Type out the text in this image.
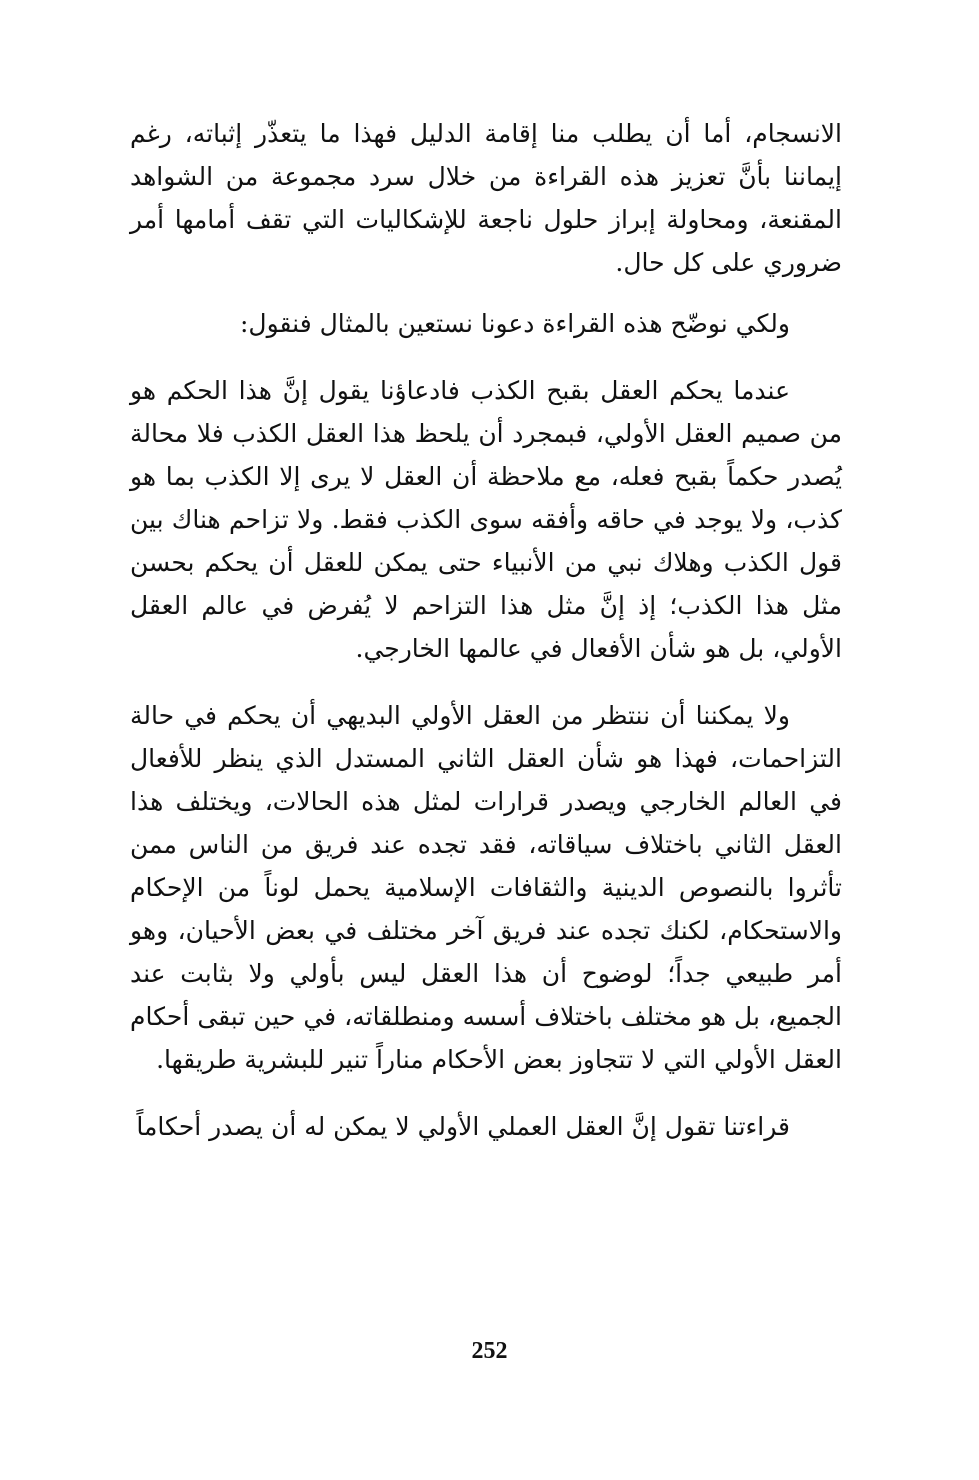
الانسجام، أما أن يطلب منا إقامة الدليل فهذا ما يتعذّر إثباته، رغم إيماننا بأنَّ تعزيز هذه القراءة من خلال سرد مجموعة من الشواهد المقنعة، ومحاولة إبراز حلول ناجعة للإشكاليات التي تقف أمامها أمر ضروري على كل حال.

ولكي نوضّح هذه القراءة دعونا نستعين بالمثال فنقول:

عندما يحكم العقل بقبح الكذب فادعاؤنا يقول إنَّ هذا الحكم هو من صميم العقل الأولي، فبمجرد أن يلحظ هذا العقل الكذب فلا محالة يُصدر حكماً بقبح فعله، مع ملاحظة أن العقل لا يرى إلا الكذب بما هو كذب، ولا يوجد في حاقه وأفقه سوى الكذب فقط. ولا تزاحم هناك بين قول الكذب وهلاك نبي من الأنبياء حتى يمكن للعقل أن يحكم بحسن مثل هذا الكذب؛ إذ إنَّ مثل هذا التزاحم لا يُفرض في عالم العقل الأولي، بل هو شأن الأفعال في عالمها الخارجي.

ولا يمكننا أن ننتظر من العقل الأولي البديهي أن يحكم في حالة التزاحمات، فهذا هو شأن العقل الثاني المستدل الذي ينظر للأفعال في العالم الخارجي ويصدر قرارات لمثل هذه الحالات، ويختلف هذا العقل الثاني باختلاف سياقاته، فقد تجده عند فريق من الناس ممن تأثروا بالنصوص الدينية والثقافات الإسلامية يحمل لوناً من الإحكام والاستحكام، لكنك تجده عند فريق آخر مختلف في بعض الأحيان، وهو أمر طبيعي جداً؛ لوضوح أن هذا العقل ليس بأولي ولا بثابت عند الجميع، بل هو مختلف باختلاف أسسه ومنطلقاته، في حين تبقى أحكام العقل الأولي التي لا تتجاوز بعض الأحكام مناراً تنير للبشرية طريقها.

قراءتنا تقول إنَّ العقل العملي الأولي لا يمكن له أن يصدر أحكاماً

252
